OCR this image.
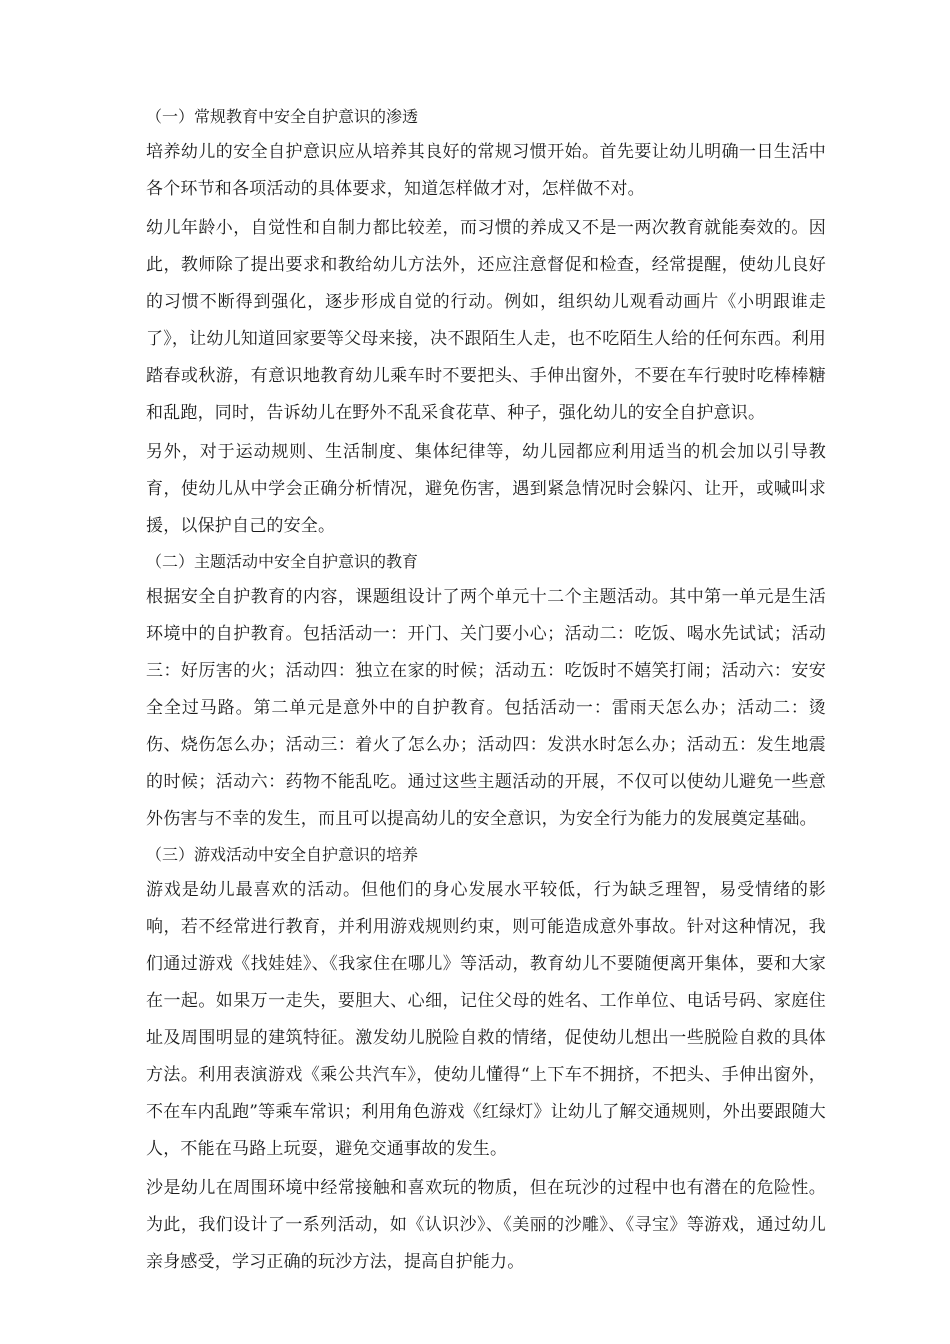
（一）常规教育中安全自护意识的渗透
培养幼儿的安全自护意识应从培养其良好的常规习惯开始。首先要让幼儿明确一日生活中各个环节和各项活动的具体要求，知道怎样做才对，怎样做不对。
幼儿年龄小，自觉性和自制力都比较差，而习惯的养成又不是一两次教育就能奏效的。因此，教师除了提出要求和教给幼儿方法外，还应注意督促和检查，经常提醒，使幼儿良好的习惯不断得到强化，逐步形成自觉的行动。例如，组织幼儿观看动画片《小明跟谁走了》，让幼儿知道回家要等父母来接，决不跟陌生人走，也不吃陌生人给的任何东西。利用踏春或秋游，有意识地教育幼儿乘车时不要把头、手伸出窗外，不要在车行驶时吃棒棒糖和乱跑，同时，告诉幼儿在野外不乱采食花草、种子，强化幼儿的安全自护意识。
另外，对于运动规则、生活制度、集体纪律等，幼儿园都应利用适当的机会加以引导教育，使幼儿从中学会正确分析情况，避免伤害，遇到紧急情况时会躲闪、让开，或喊叫求援，以保护自己的安全。
（二）主题活动中安全自护意识的教育
根据安全自护教育的内容，课题组设计了两个单元十二个主题活动。其中第一单元是生活环境中的自护教育。包括活动一：开门、关门要小心；活动二：吃饭、喝水先试试；活动三：好厉害的火；活动四：独立在家的时候；活动五：吃饭时不嬉笑打闹；活动六：安安全全过马路。第二单元是意外中的自护教育。包括活动一：雷雨天怎么办；活动二：烫伤、烧伤怎么办；活动三：着火了怎么办；活动四：发洪水时怎么办；活动五：发生地震的时候；活动六：药物不能乱吃。通过这些主题活动的开展，不仅可以使幼儿避免一些意外伤害与不幸的发生，而且可以提高幼儿的安全意识，为安全行为能力的发展奠定基础。
（三）游戏活动中安全自护意识的培养
游戏是幼儿最喜欢的活动。但他们的身心发展水平较低，行为缺乏理智，易受情绪的影响，若不经常进行教育，并利用游戏规则约束，则可能造成意外事故。针对这种情况，我们通过游戏《找娃娃》、《我家住在哪儿》等活动，教育幼儿不要随便离开集体，要和大家在一起。如果万一走失，要胆大、心细，记住父母的姓名、工作单位、电话号码、家庭住址及周围明显的建筑特征。激发幼儿脱险自救的情绪，促使幼儿想出一些脱险自救的具体方法。利用表演游戏《乘公共汽车》，使幼儿懂得“上下车不拥挤，不把头、手伸出窗外，不在车内乱跑”等乘车常识；利用角色游戏《红绿灯》让幼儿了解交通规则，外出要跟随大人，不能在马路上玩耍，避免交通事故的发生。
沙是幼儿在周围环境中经常接触和喜欢玩的物质，但在玩沙的过程中也有潜在的危险性。为此，我们设计了一系列活动，如《认识沙》、《美丽的沙雕》、《寻宝》等游戏，通过幼儿亲身感受，学习正确的玩沙方法，提高自护能力。
